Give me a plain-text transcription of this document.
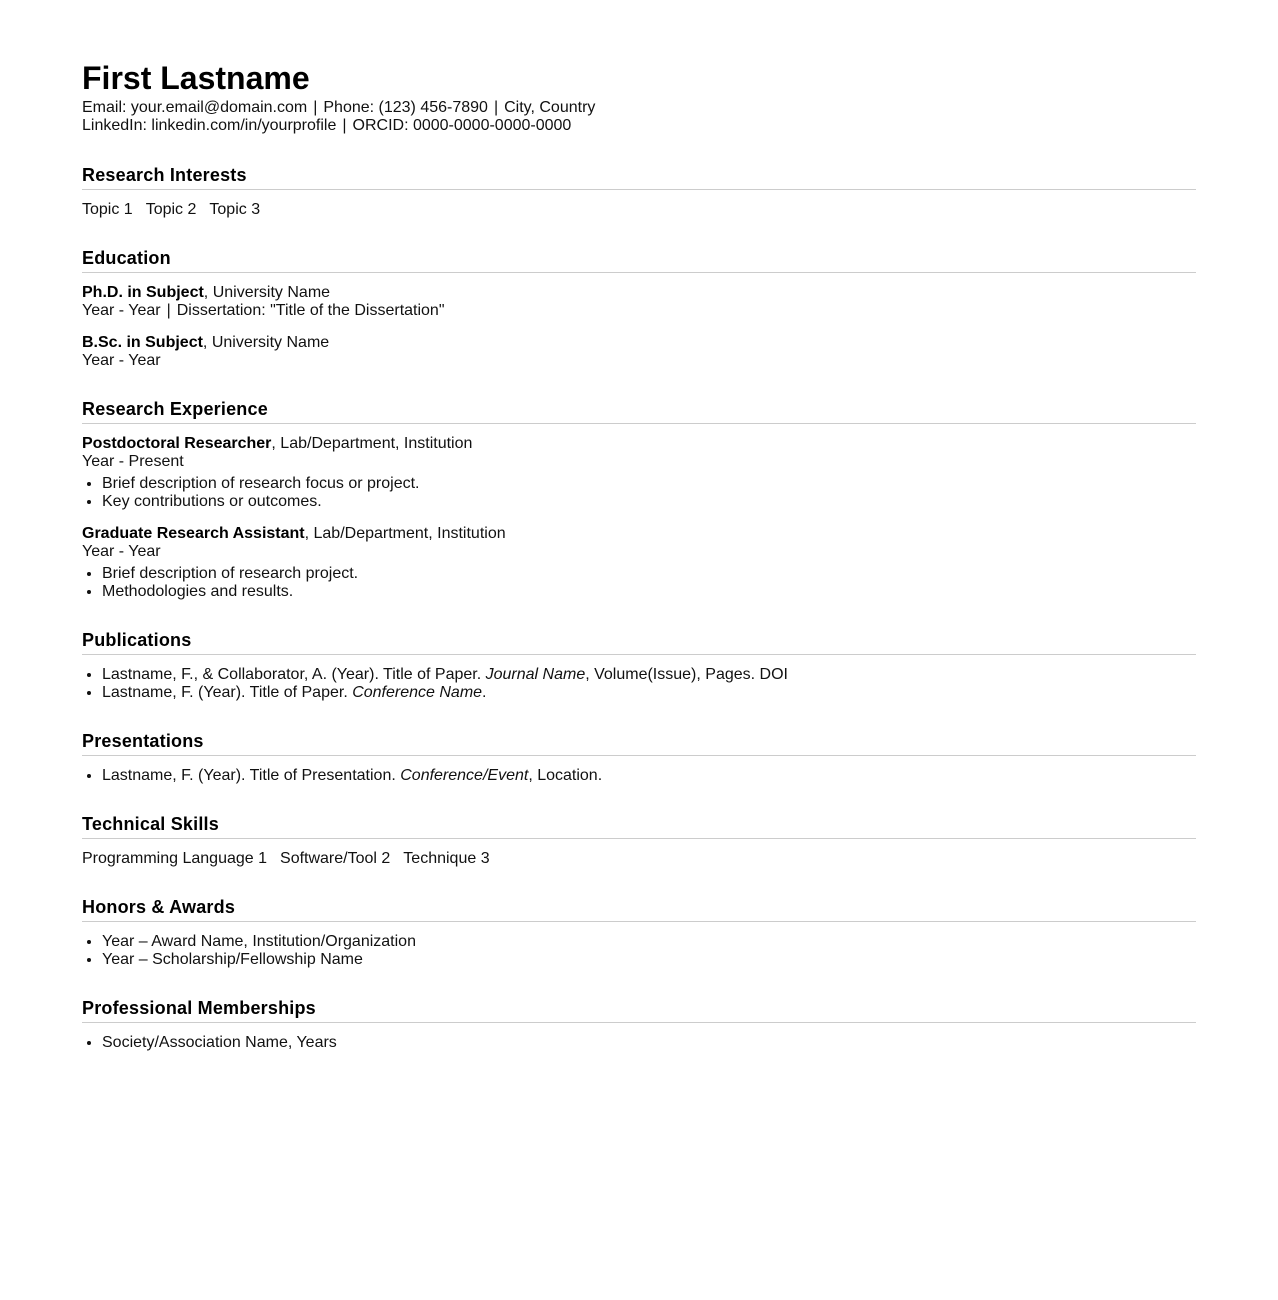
First Lastname
Email: your.email@domain.com | Phone: (123) 456-7890 | City, Country
LinkedIn: linkedin.com/in/yourprofile | ORCID: 0000-0000-0000-0000
Research Interests
Topic 1 Topic 2 Topic 3
Education
Ph.D. in Subject, University Name
Year - Year | Dissertation: "Title of the Dissertation"
B.Sc. in Subject, University Name
Year - Year
Research Experience
Postdoctoral Researcher, Lab/Department, Institution
Year - Present
• Brief description of research focus or project.
• Key contributions or outcomes.
Graduate Research Assistant, Lab/Department, Institution
Year - Year
• Brief description of research project.
• Methodologies and results.
Publications
• Lastname, F., & Collaborator, A. (Year). Title of Paper. Journal Name, Volume(Issue), Pages. DOI
• Lastname, F. (Year). Title of Paper. Conference Name.
Presentations
• Lastname, F. (Year). Title of Presentation. Conference/Event, Location.
Technical Skills
Programming Language 1 Software/Tool 2 Technique 3
Honors & Awards
• Year – Award Name, Institution/Organization
• Year – Scholarship/Fellowship Name
Professional Memberships
• Society/Association Name, Years
